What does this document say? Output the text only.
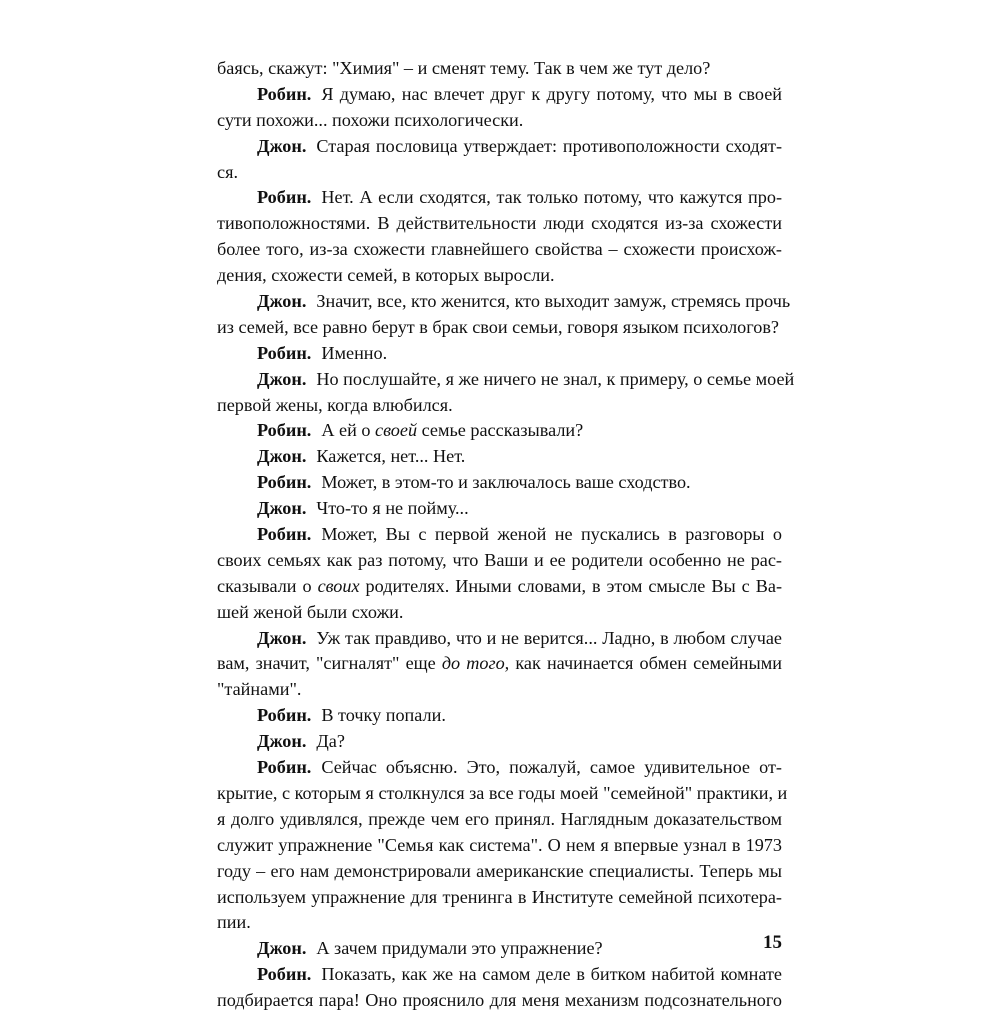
баясь, скажут: "Химия" – и сменят тему. Так в чем же тут дело?
Робин. Я думаю, нас влечет друг к другу потому, что мы в своей
сути похожи... похожи психологически.
Джон. Старая пословица утверждает: противоположности сходят-
ся.
Робин. Нет. А если сходятся, так только потому, что кажутся про-
тивоположностями. В действительности люди сходятся из-за схожести
более того, из-за схожести главнейшего свойства – схожести происхож-
дения, схожести семей, в которых выросли.
Джон. Значит, все, кто женится, кто выходит замуж, стремясь прочь
из семей, все равно берут в брак свои семьи, говоря языком психологов?
Робин. Именно.
Джон. Но послушайте, я же ничего не знал, к примеру, о семье моей
первой жены, когда влюбился.
Робин. А ей о своей семье рассказывали?
Джон. Кажется, нет... Нет.
Робин. Может, в этом-то и заключалось ваше сходство.
Джон. Что-то я не пойму...
Робин. Может, Вы с первой женой не пускались в разговоры о
своих семьях как раз потому, что Ваши и ее родители особенно не рас-
сказывали о своих родителях. Иными словами, в этом смысле Вы с Ва-
шей женой были схожи.
Джон. Уж так правдиво, что и не верится... Ладно, в любом случае
вам, значит, "сигналят" еще до того, как начинается обмен семейными
"тайнами".
Робин. В точку попали.
Джон. Да?
Робин. Сейчас объясню. Это, пожалуй, самое удивительное от-
крытие, с которым я столкнулся за все годы моей "семейной" практики, и
я долго удивлялся, прежде чем его принял. Наглядным доказательством
служит упражнение "Семья как система". О нем я впервые узнал в 1973
году – его нам демонстрировали американские специалисты. Теперь мы
используем упражнение для тренинга в Институте семейной психотера-
пии.
Джон. А зачем придумали это упражнение?
Робин. Показать, как же на самом деле в битком набитой комнате
подбирается пара! Оно прояснило для меня механизм подсознательного
15
